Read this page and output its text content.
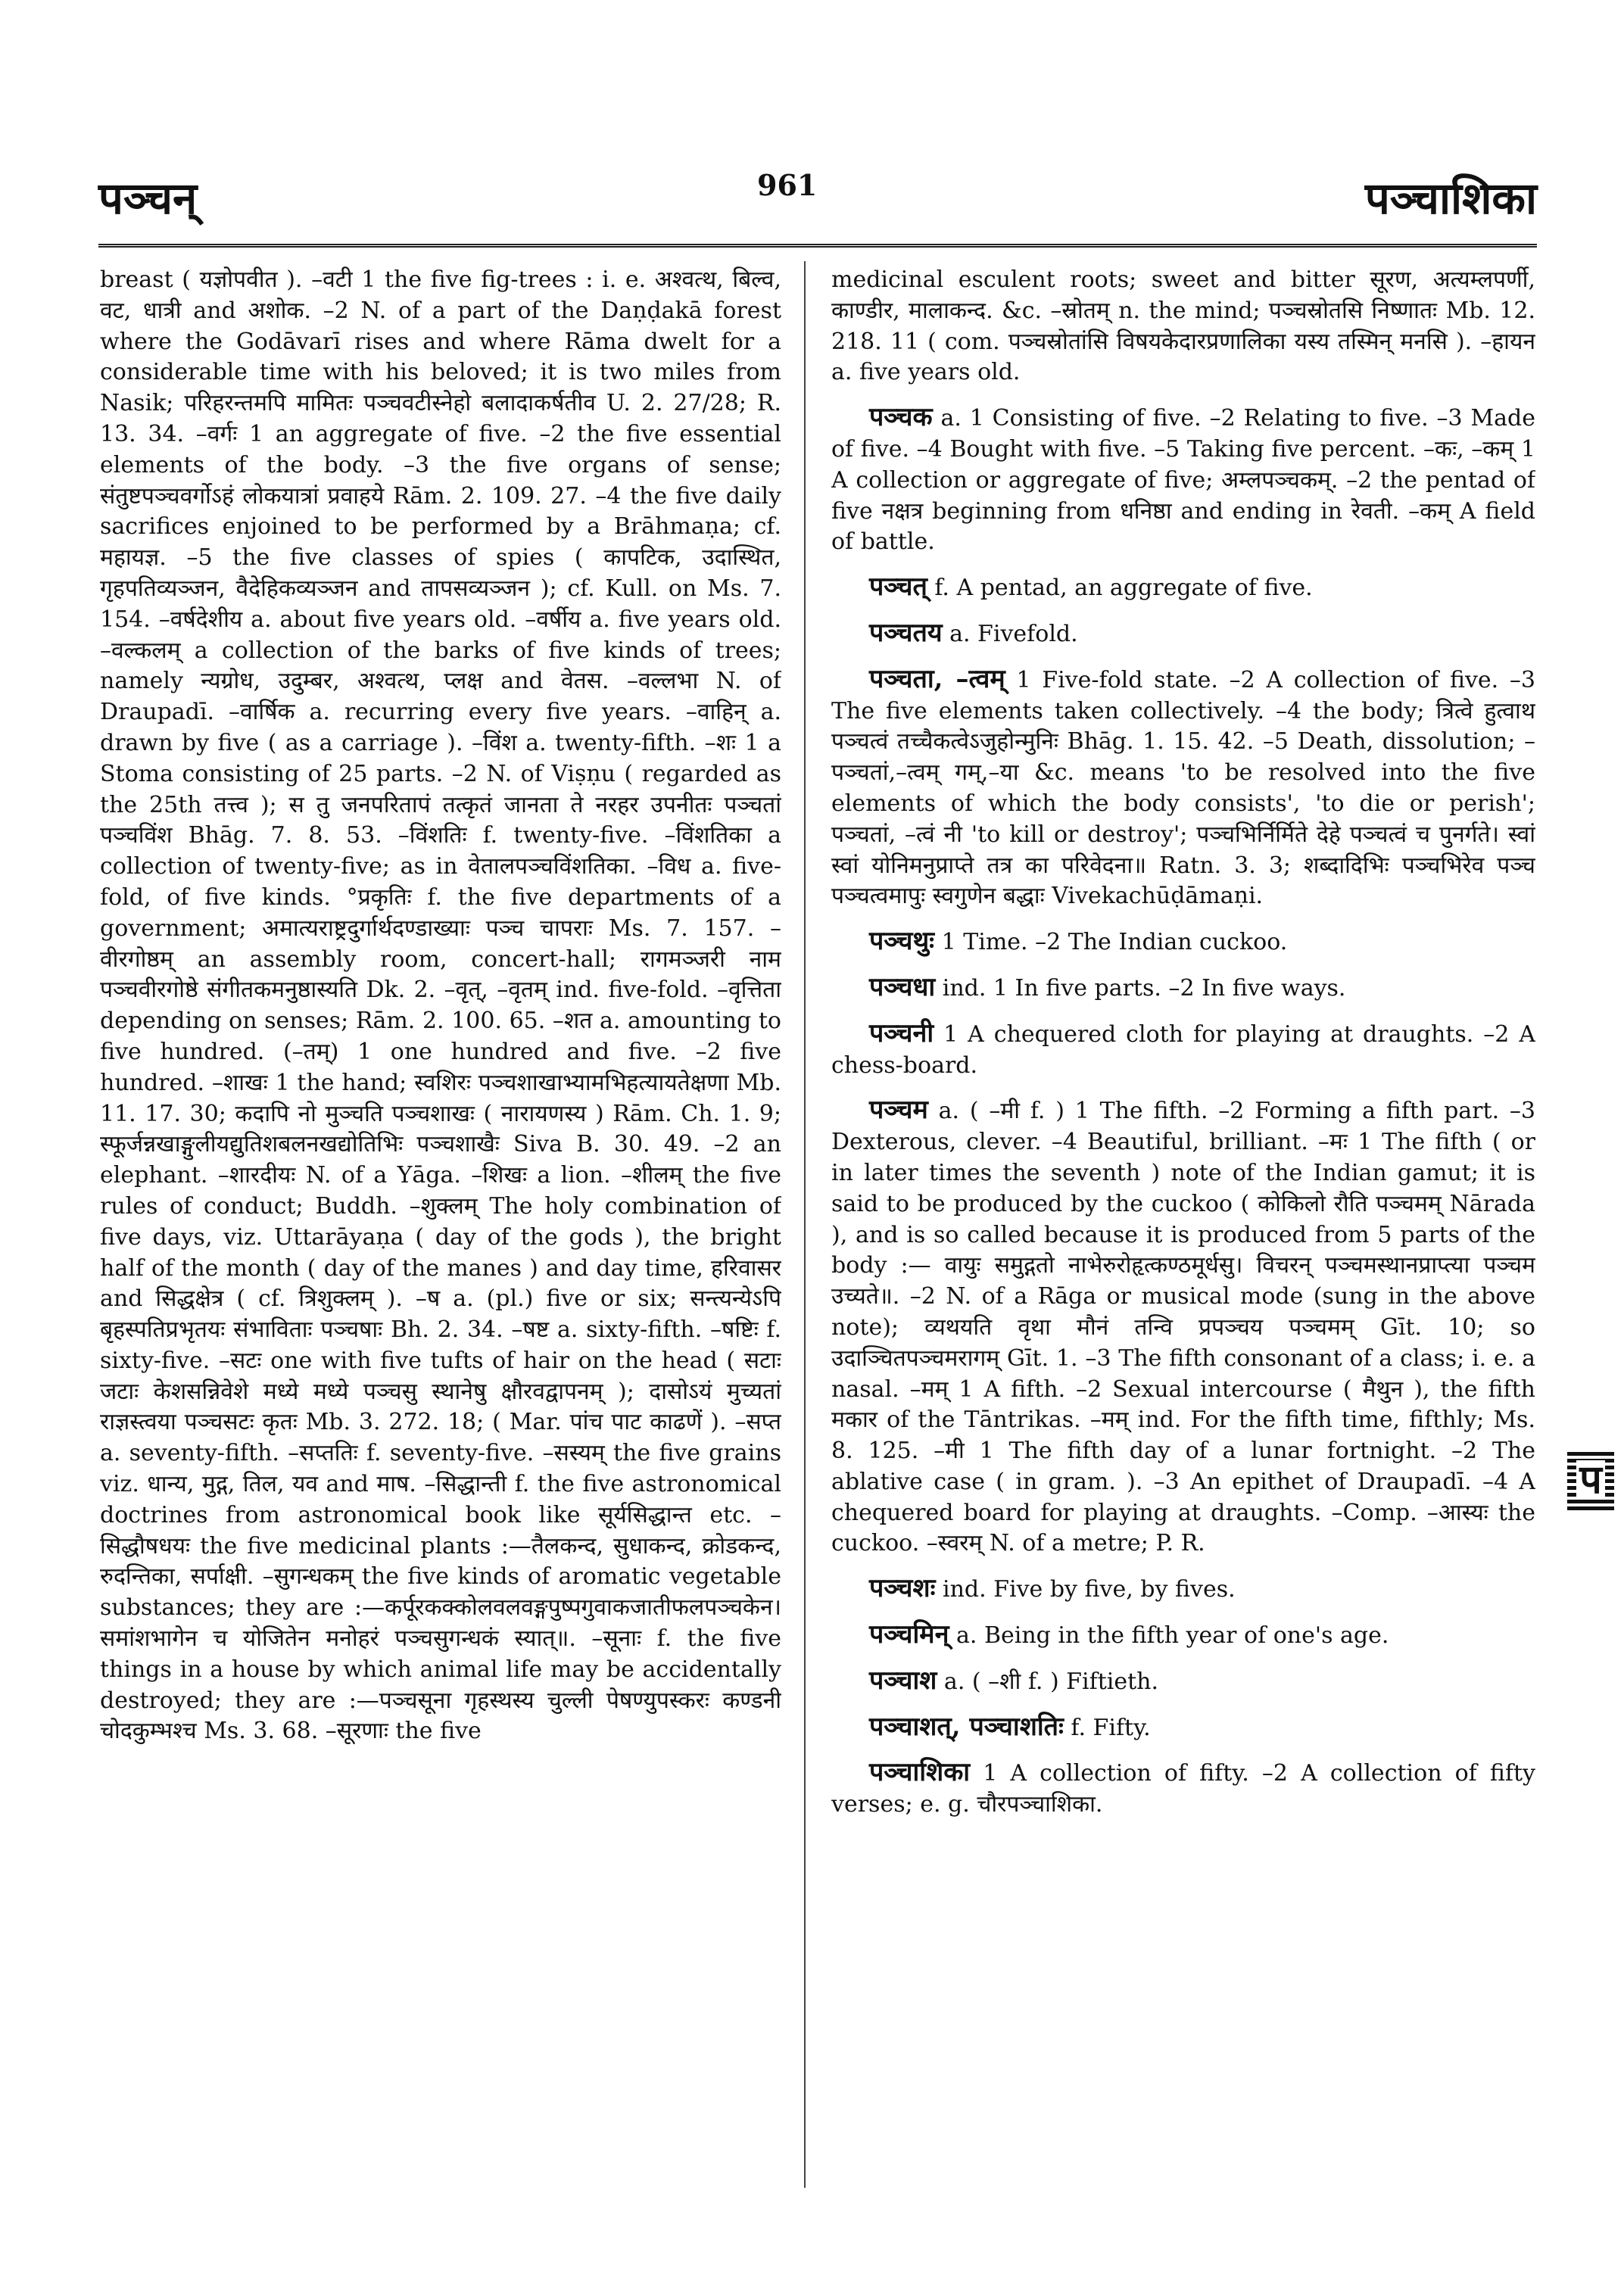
पञ्चन्	961	पञ्चाशिका

breast ( यज्ञोपवीत ). –वटी 1 the five fig-trees : i. e. अश्वत्थ, बिल्व, वट, धात्री and अशोक. –2 N. of a part of the Daṇḍakā forest where the Godāvarī rises and where Rāma dwelt for a considerable time with his beloved; it is two miles from Nasik; परिहरन्तमपि मामितः पञ्चवटीस्नेहो बलादाकर्षतीव U. 2. 27/28; R. 13. 34. –वर्गः 1 an aggregate of five. –2 the five essential elements of the body. –3 the five organs of sense; संतुष्टपञ्चवर्गोऽहं लोकयात्रां प्रवाहये Rām. 2. 109. 27. –4 the five daily sacrifices enjoined to be performed by a Brāhmaṇa; cf. महायज्ञ. –5 the five classes of spies ( कापटिक, उदास्थित, गृहपतिव्यञ्जन, वैदेहिकव्यञ्जन and तापसव्यञ्जन ); cf. Kull. on Ms. 7. 154. –वर्षदेशीय a. about five years old. –वर्षीय a. five years old. –वल्कलम् a collection of the barks of five kinds of trees; namely न्यग्रोध, उदुम्बर, अश्वत्थ, प्लक्ष and वेतस. –वल्लभा N. of Draupadī. –वार्षिक a. recurring every five years. –वाहिन् a. drawn by five ( as a carriage ). –विंश a. twenty-fifth. –शः 1 a Stoma consisting of 25 parts. –2 N. of Viṣṇu ( regarded as the 25th तत्त्व ); स तु जनपरितापं तत्कृतं जानता ते नरहर उपनीतः पञ्चतां पञ्चविंश Bhāg. 7. 8. 53. –विंशतिः f. twenty-five. –विंशतिका a collection of twenty-five; as in वेतालपञ्चविंशतिका. –विध a. five-fold, of five kinds. °प्रकृतिः f. the five departments of a government; अमात्यराष्ट्रदुर्गार्थदण्डाख्याः पञ्च चापराः Ms. 7. 157. –वीरगोष्ठम् an assembly room, concert-hall; रागमञ्जरी नाम पञ्चवीरगोष्ठे संगीतकमनुष्ठास्यति Dk. 2. –वृत्, –वृतम् ind. five-fold. –वृत्तिता depending on senses; Rām. 2. 100. 65. –शत a. amounting to five hundred. (–तम्) 1 one hundred and five. –2 five hundred. –शाखः 1 the hand; स्वशिरः पञ्चशाखाभ्यामभिहत्यायतेक्षणा Mb. 11. 17. 30; कदापि नो मुञ्चति पञ्चशाखः ( नारायणस्य ) Rām. Ch. 1. 9; स्फूर्जन्नखाङ्गुलीयद्युतिशबलनखद्योतिभिः पञ्चशाखैः Siva B. 30. 49. –2 an elephant. –शारदीयः N. of a Yāga. –शिखः a lion. –शीलम् the five rules of conduct; Buddh. –शुक्लम् The holy combination of five days, viz. Uttarāyaṇa ( day of the gods ), the bright half of the month ( day of the manes ) and day time, हरिवासर and सिद्धक्षेत्र ( cf. त्रिशुक्लम् ). –ष a. (pl.) five or six; सन्त्यन्येऽपि बृहस्पतिप्रभृतयः संभाविताः पञ्चषाः Bh. 2. 34. –षष्ट a. sixty-fifth. –षष्टिः f. sixty-five. –सटः one with five tufts of hair on the head ( सटाः जटाः केशसन्निवेशे मध्ये मध्ये पञ्चसु स्थानेषु क्षौरवद्वापनम् ); दासोऽयं मुच्यतां राज्ञस्त्वया पञ्चसटः कृतः Mb. 3. 272. 18; ( Mar. पांच पाट काढणें ). –सप्त a. seventy-fifth. –सप्ततिः f. seventy-five. –सस्यम् the five grains viz. धान्य, मुद्ग, तिल, यव and माष. –सिद्धान्ती f. the five astronomical doctrines from astronomical book like सूर्यसिद्धान्त etc. –सिद्धौषधयः the five medicinal plants :—तैलकन्द, सुधाकन्द, क्रोडकन्द, रुदन्तिका, सर्पाक्षी. –सुगन्धकम् the five kinds of aromatic vegetable substances; they are :—कर्पूरकक्कोलवलवङ्गपुष्पगुवाकजातीफलपञ्चकेन। समांशभागेन च योजितेन मनोहरं पञ्चसुगन्धकं स्यात्॥. –सूनाः f. the five things in a house by which animal life may be accidentally destroyed; they are :—पञ्चसूना गृहस्थस्य चुल्ली पेषण्युपस्करः कण्डनी चोदकुम्भश्च Ms. 3. 68. –सूरणाः the five

medicinal esculent roots; sweet and bitter सूरण, अत्यम्लपर्णी, काण्डीर, मालाकन्द. &c. –स्रोतम् n. the mind; पञ्चस्रोतसि निष्णातः Mb. 12. 218. 11 ( com. पञ्चस्रोतांसि विषयकेदारप्रणालिका यस्य तस्मिन् मनसि ). –हायन a. five years old.

पञ्चक a. 1 Consisting of five. –2 Relating to five. –3 Made of five. –4 Bought with five. –5 Taking five percent. –कः, –कम् 1 A collection or aggregate of five; अम्लपञ्चकम्. –2 the pentad of five नक्षत्र beginning from धनिष्ठा and ending in रेवती. –कम् A field of battle.

पञ्चत् f. A pentad, an aggregate of five.

पञ्चतय a. Fivefold.

पञ्चता, –त्वम् 1 Five-fold state. –2 A collection of five. –3 The five elements taken collectively. –4 the body; त्रित्वे हुत्वाथ पञ्चत्वं तच्चैकत्वेऽजुहोन्मुनिः Bhāg. 1. 15. 42. –5 Death, dissolution; –पञ्चतां,–त्वम् गम्,–या &c. means 'to be resolved into the five elements of which the body consists', 'to die or perish'; पञ्चतां, –त्वं नी 'to kill or destroy'; पञ्चभिर्निर्मिते देहे पञ्चत्वं च पुनर्गते। स्वां स्वां योनिमनुप्राप्ते तत्र का परिवेदना॥ Ratn. 3. 3; शब्दादिभिः पञ्चभिरेव पञ्च पञ्चत्वमापुः स्वगुणेन बद्धाः Vivekachūḍāmaṇi.

पञ्चथुः 1 Time. –2 The Indian cuckoo.

पञ्चधा ind. 1 In five parts. –2 In five ways.

पञ्चनी 1 A chequered cloth for playing at draughts. –2 A chess-board.

पञ्चम a. ( –मी f. ) 1 The fifth. –2 Forming a fifth part. –3 Dexterous, clever. –4 Beautiful, brilliant. –मः 1 The fifth ( or in later times the seventh ) note of the Indian gamut; it is said to be produced by the cuckoo ( कोकिलो रौति पञ्चमम् Nārada ), and is so called because it is produced from 5 parts of the body :— वायुः समुद्गतो नाभेरुरोहृत्कण्ठमूर्धसु। विचरन् पञ्चमस्थानप्राप्त्या पञ्चम उच्यते॥. –2 N. of a Rāga or musical mode (sung in the above note); व्यथयति वृथा मौनं तन्वि प्रपञ्चय पञ्चमम् Gīt. 10; so उदाञ्चितपञ्चमरागम् Gīt. 1. –3 The fifth consonant of a class; i. e. a nasal. –मम् 1 A fifth. –2 Sexual intercourse ( मैथुन ), the fifth मकार of the Tāntrikas. –मम् ind. For the fifth time, fifthly; Ms. 8. 125. –मी 1 The fifth day of a lunar fortnight. –2 The ablative case ( in gram. ). –3 An epithet of Draupadī. –4 A chequered board for playing at draughts. –Comp. –आस्यः the cuckoo. –स्वरम् N. of a metre; P. R.

पञ्चशः ind. Five by five, by fives.

पञ्चमिन् a. Being in the fifth year of one's age.

पञ्चाश a. ( –शी f. ) Fiftieth.

पञ्चाशत्, पञ्चाशतिः f. Fifty.

पञ्चाशिका 1 A collection of fifty. –2 A collection of fifty verses; e. g. चौरपञ्चाशिका.

प
